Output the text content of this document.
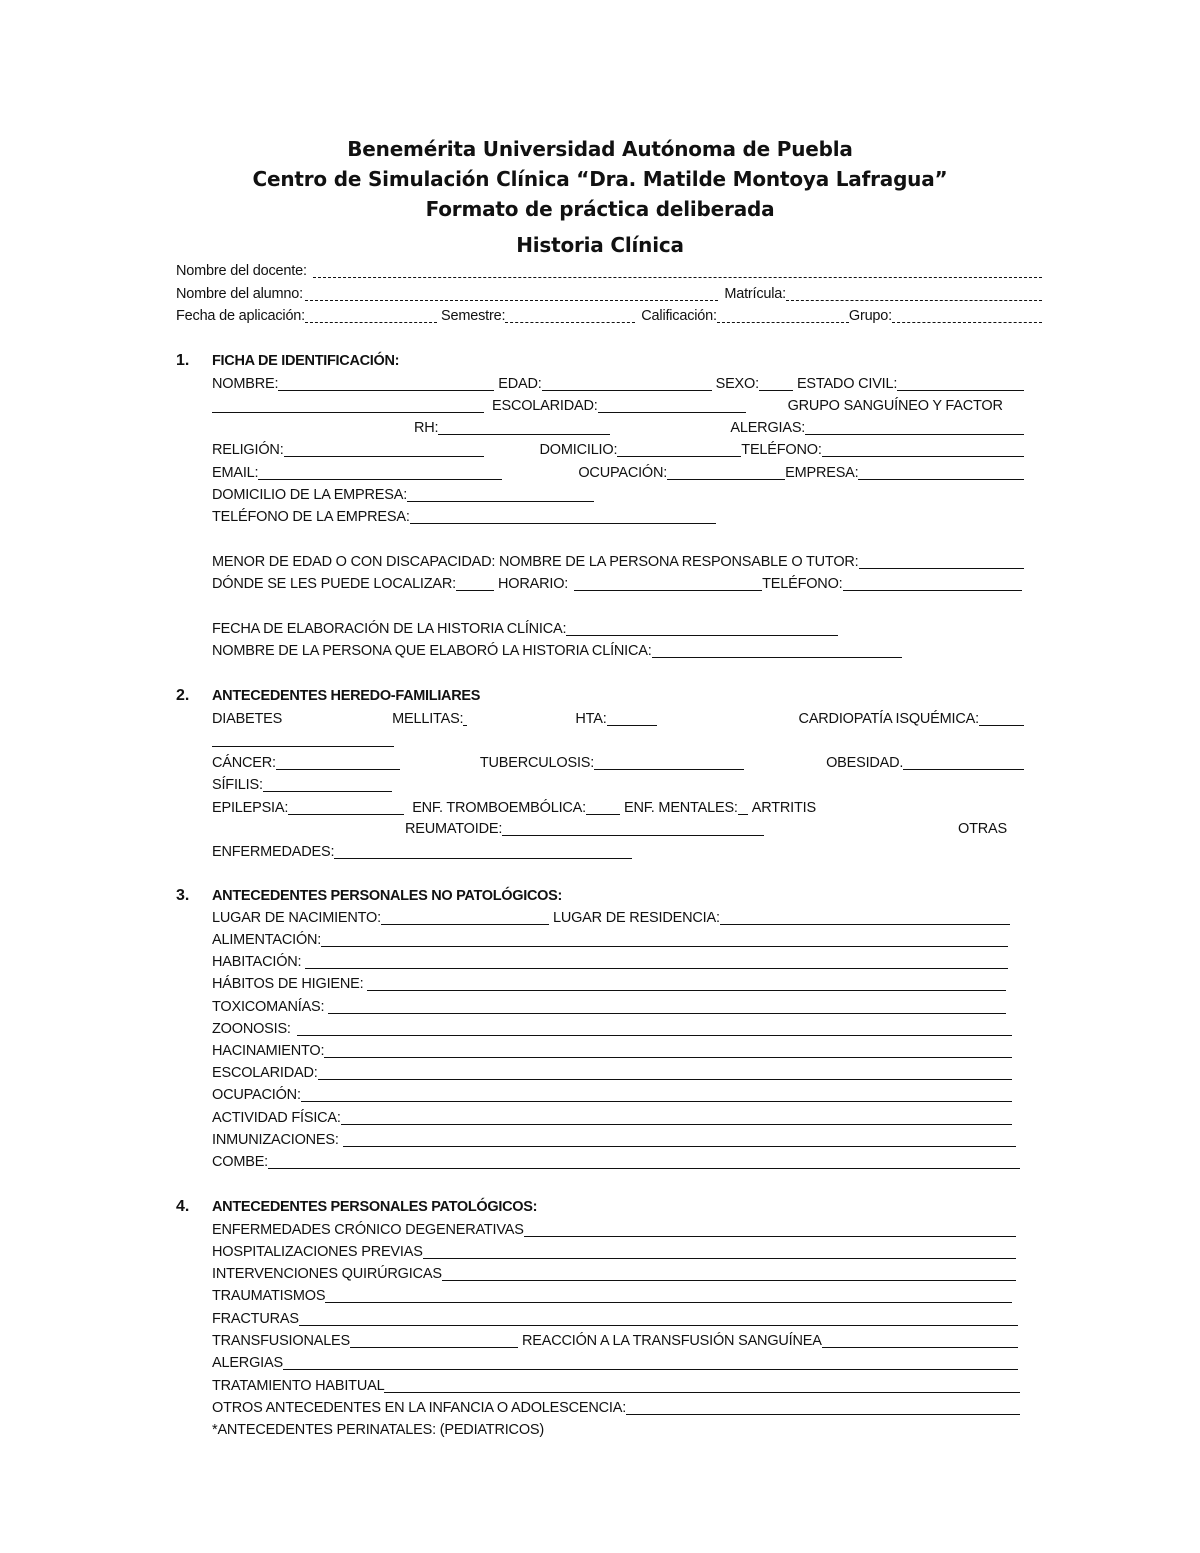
Benemérita Universidad Autónoma de Puebla
Centro de Simulación Clínica “Dra. Matilde Montoya Lafragua”
Formato de práctica deliberada
Historia Clínica
Nombre del docente:
Nombre del alumno:	Matrícula:
Fecha de aplicación:	Semestre:	Calificación:	Grupo:
1. FICHA DE IDENTIFICACIÓN:
NOMBRE:	EDAD:	SEXO:	ESTADO CIVIL:
ESCOLARIDAD:	GRUPO SANGUÍNEO Y FACTOR
RH:	ALERGIAS:
RELIGIÓN:	DOMICILIO:	TELÉFONO:
EMAIL:	OCUPACIÓN:	EMPRESA:
DOMICILIO DE LA EMPRESA:
TELÉFONO DE LA EMPRESA:
MENOR DE EDAD O CON DISCAPACIDAD: NOMBRE DE LA PERSONA RESPONSABLE O TUTOR:
DÓNDE SE LES PUEDE LOCALIZAR:	HORARIO:	TELÉFONO:
FECHA DE ELABORACIÓN DE LA HISTORIA CLÍNICA:
NOMBRE DE LA PERSONA QUE ELABORÓ LA HISTORIA CLÍNICA:
2. ANTECEDENTES HEREDO-FAMILIARES
DIABETES	MELLITAS:	HTA:	CARDIOPATÍA ISQUÉMICA:
CÁNCER:	TUBERCULOSIS:	OBESIDAD.
SÍFILIS:
EPILEPSIA:	ENF. TROMBOEMBÓLICA:	ENF. MENTALES: ARTRITIS
REUMATOIDE:	OTRAS
ENFERMEDADES:
3. ANTECEDENTES PERSONALES NO PATOLÓGICOS:
LUGAR DE NACIMIENTO:	LUGAR DE RESIDENCIA:
ALIMENTACIÓN:
HABITACIÓN:
HÁBITOS DE HIGIENE:
TOXICOMANÍAS:
ZOONOSIS:
HACINAMIENTO:
ESCOLARIDAD:
OCUPACIÓN:
ACTIVIDAD FÍSICA:
INMUNIZACIONES:
COMBE:
4. ANTECEDENTES PERSONALES PATOLÓGICOS:
ENFERMEDADES CRÓNICO DEGENERATIVAS
HOSPITALIZACIONES PREVIAS
INTERVENCIONES QUIRÚRGICAS
TRAUMATISMOS
FRACTURAS
TRANSFUSIONALES	REACCIÓN A LA TRANSFUSIÓN SANGUÍNEA
ALERGIAS
TRATAMIENTO HABITUAL
OTROS ANTECEDENTES EN LA INFANCIA O ADOLESCENCIA:
*ANTECEDENTES PERINATALES: (PEDIATRICOS)
